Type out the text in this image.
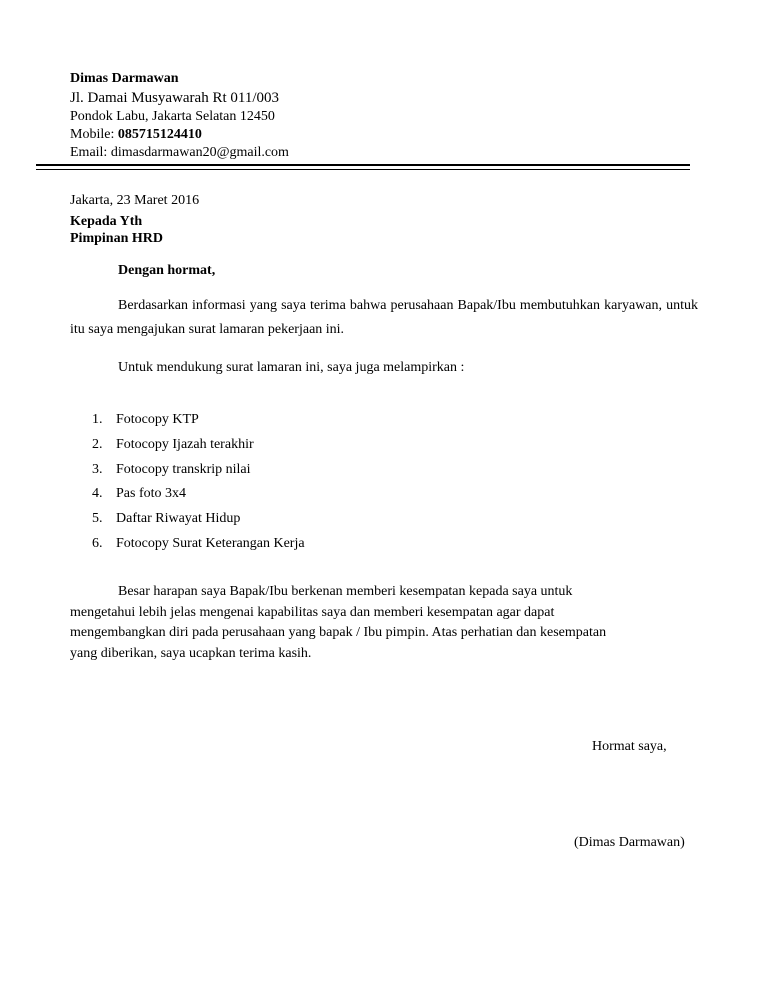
Dimas Darmawan
Jl. Damai Musyawarah Rt 011/003
Pondok Labu, Jakarta Selatan 12450
Mobile: 085715124410
Email: dimasdarmawan20@gmail.com
Jakarta, 23 Maret 2016
Kepada Yth
Pimpinan HRD
Dengan hormat,
Berdasarkan informasi yang saya terima bahwa perusahaan Bapak/Ibu membutuhkan karyawan, untuk itu saya mengajukan surat lamaran pekerjaan ini.
Untuk mendukung surat lamaran ini, saya juga melampirkan :
1. Fotocopy KTP
2. Fotocopy Ijazah terakhir
3. Fotocopy transkrip nilai
4. Pas foto 3x4
5. Daftar Riwayat Hidup
6. Fotocopy Surat Keterangan Kerja
Besar harapan saya Bapak/Ibu berkenan memberi kesempatan kepada saya untuk
mengetahui lebih jelas mengenai kapabilitas saya dan memberi kesempatan agar dapat
mengembangkan diri pada perusahaan yang bapak / Ibu pimpin. Atas perhatian dan kesempatan
yang diberikan, saya ucapkan terima kasih.
Hormat saya,
(Dimas Darmawan)
